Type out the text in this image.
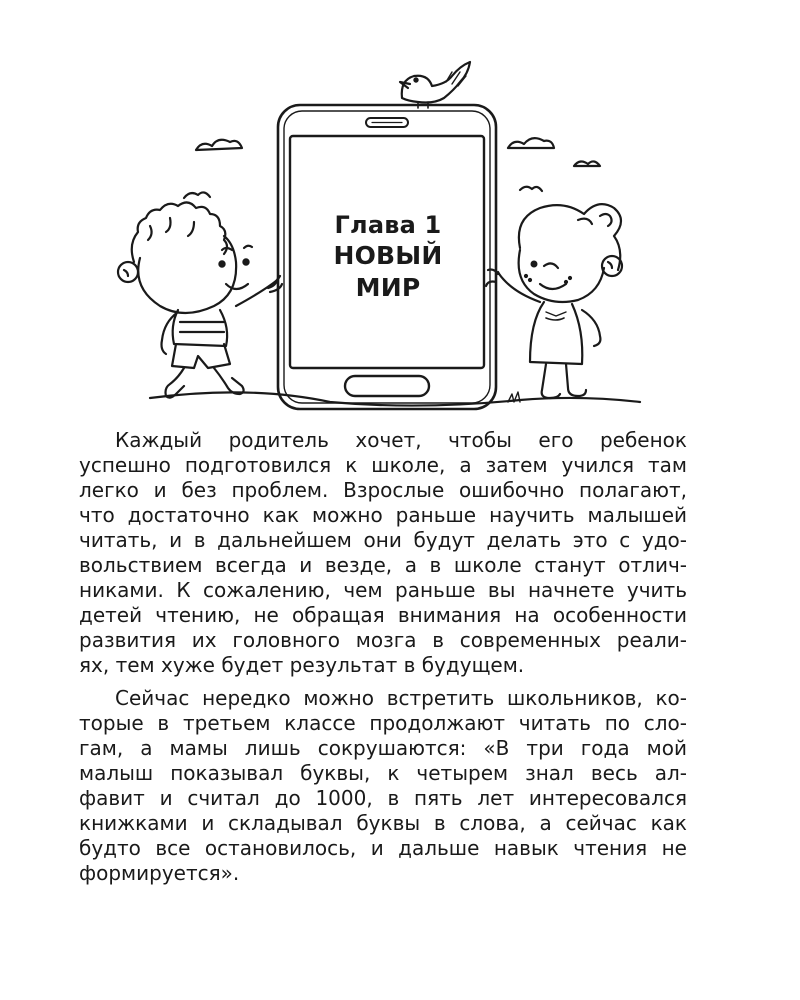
Глава 1
НОВЫЙ
МИР

Каждый родитель хочет, чтобы его ребенок
успешно подготовился к школе, а затем учился там
легко и без проблем. Взрослые ошибочно полагают,
что достаточно как можно раньше научить малышей
читать, и в дальнейшем они будут делать это с удо-
вольствием всегда и везде, а в школе станут отлич-
никами. К сожалению, чем раньше вы начнете учить
детей чтению, не обращая внимания на особенности
развития их головного мозга в современных реали-
ях, тем хуже будет результат в будущем.

Сейчас нередко можно встретить школьников, ко-
торые в третьем классе продолжают читать по сло-
гам, а мамы лишь сокрушаются: «В три года мой
малыш показывал буквы, к четырем знал весь ал-
фавит и считал до 1000, в пять лет интересовался
книжками и складывал буквы в слова, а сейчас как
будто все остановилось, и дальше навык чтения не
формируется».
